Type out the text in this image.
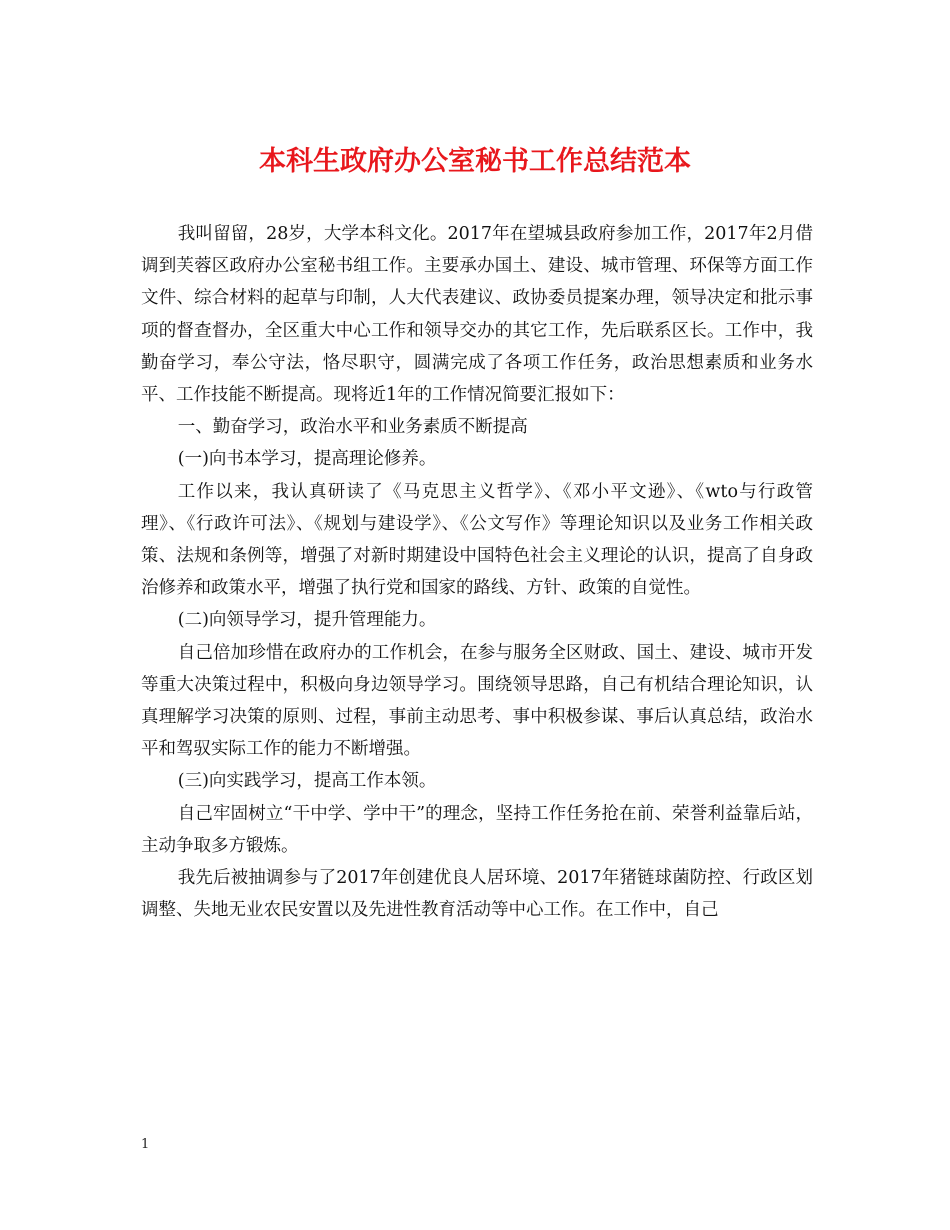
本科生政府办公室秘书工作总结范本

我叫留留，28岁，大学本科文化。2017年在望城县政府参加工作，2017年2月借调到芙蓉区政府办公室秘书组工作。主要承办国土、建设、城市管理、环保等方面工作文件、综合材料的起草与印制，人大代表建议、政协委员提案办理，领导决定和批示事项的督查督办，全区重大中心工作和领导交办的其它工作，先后联系区长。工作中，我勤奋学习，奉公守法，恪尽职守，圆满完成了各项工作任务，政治思想素质和业务水平、工作技能不断提高。现将近1年的工作情况简要汇报如下：

一、勤奋学习，政治水平和业务素质不断提高

(一)向书本学习，提高理论修养。

工作以来，我认真研读了《马克思主义哲学》、《邓小平文逊》、《wto与行政管理》、《行政许可法》、《规划与建设学》、《公文写作》等理论知识以及业务工作相关政策、法规和条例等，增强了对新时期建设中国特色社会主义理论的认识，提高了自身政治修养和政策水平，增强了执行党和国家的路线、方针、政策的自觉性。

(二)向领导学习，提升管理能力。

自己倍加珍惜在政府办的工作机会，在参与服务全区财政、国土、建设、城市开发等重大决策过程中，积极向身边领导学习。围绕领导思路，自己有机结合理论知识，认真理解学习决策的原则、过程，事前主动思考、事中积极参谋、事后认真总结，政治水平和驾驭实际工作的能力不断增强。

(三)向实践学习，提高工作本领。

自己牢固树立“干中学、学中干”的理念，坚持工作任务抢在前、荣誉利益靠后站，主动争取多方锻炼。

我先后被抽调参与了2017年创建优良人居环境、2017年猪链球菌防控、行政区划调整、失地无业农民安置以及先进性教育活动等中心工作。在工作中，自己

1
